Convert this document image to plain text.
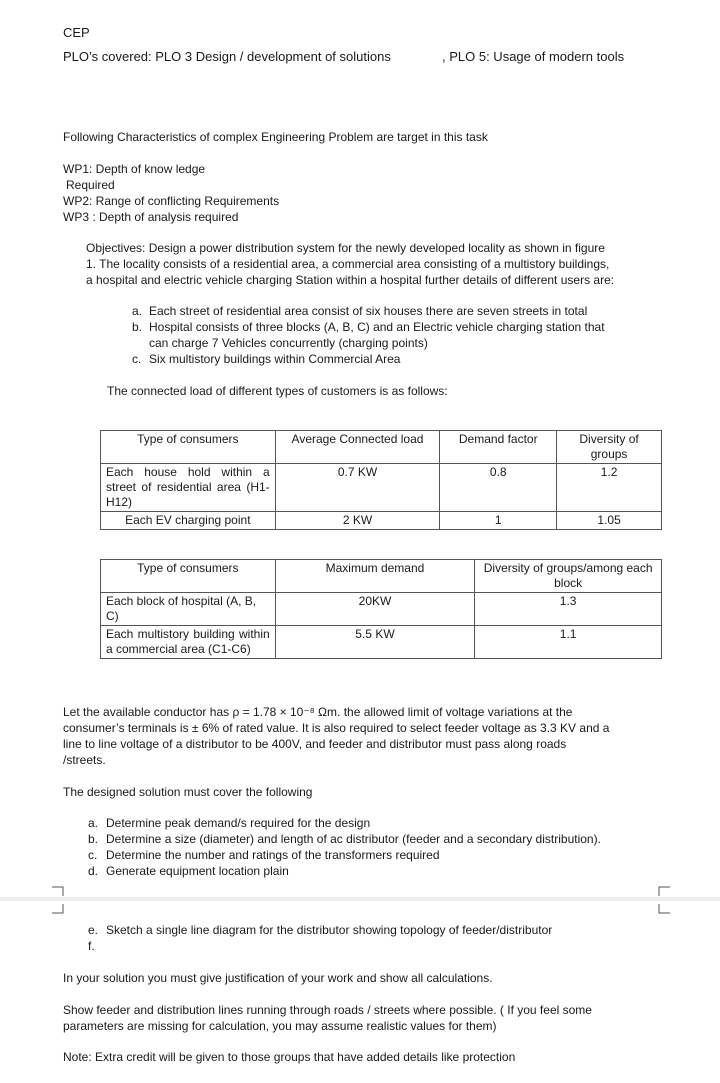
CEP
PLO’s covered: PLO 3 Design / development of solutions	, PLO 5: Usage of modern tools
Following Characteristics of complex Engineering Problem are target in this task
WP1: Depth of know ledge
Required
WP2: Range of conflicting Requirements
WP3 : Depth of analysis required
Objectives: Design a power distribution system for the newly developed locality as shown in figure
1. The locality consists of a residential area, a commercial area consisting of a multistory buildings,
a hospital and electric vehicle charging Station within a hospital further details of different users are:
a. Each street of residential area consist of six houses there are seven streets in total
b. Hospital consists of three blocks (A, B, C) and an Electric vehicle charging station that
can charge 7 Vehicles concurrently (charging points)
c. Six multistory buildings within Commercial Area
The connected load of different types of customers is as follows:
Type of consumers	Average Connected load	Demand factor	Diversity of groups
Each house hold within a street of residential area (H1-H12)	0.7 KW	0.8	1.2
Each EV charging point	2 KW	1	1.05
Type of consumers	Maximum demand	Diversity of groups/among each block
Each block of hospital (A, B, C)	20KW	1.3
Each multistory building within a commercial area (C1-C6)	5.5 KW	1.1
Let the available conductor has ρ = 1.78 × 10⁻⁸ Ωm. the allowed limit of voltage variations at the
consumer’s terminals is ± 6% of rated value. It is also required to select feeder voltage as 3.3 KV and a
line to line voltage of a distributor to be 400V, and feeder and distributor must pass along roads
/streets.
The designed solution must cover the following
a. Determine peak demand/s required for the design
b. Determine a size (diameter) and length of ac distributor (feeder and a secondary distribution).
c. Determine the number and ratings of the transformers required
d. Generate equipment location plain
e. Sketch a single line diagram for the distributor showing topology of feeder/distributor
f.
In your solution you must give justification of your work and show all calculations.
Show feeder and distribution lines running through roads / streets where possible. ( If you feel some
parameters are missing for calculation, you may assume realistic values for them)
Note: Extra credit will be given to those groups that have added details like protection
